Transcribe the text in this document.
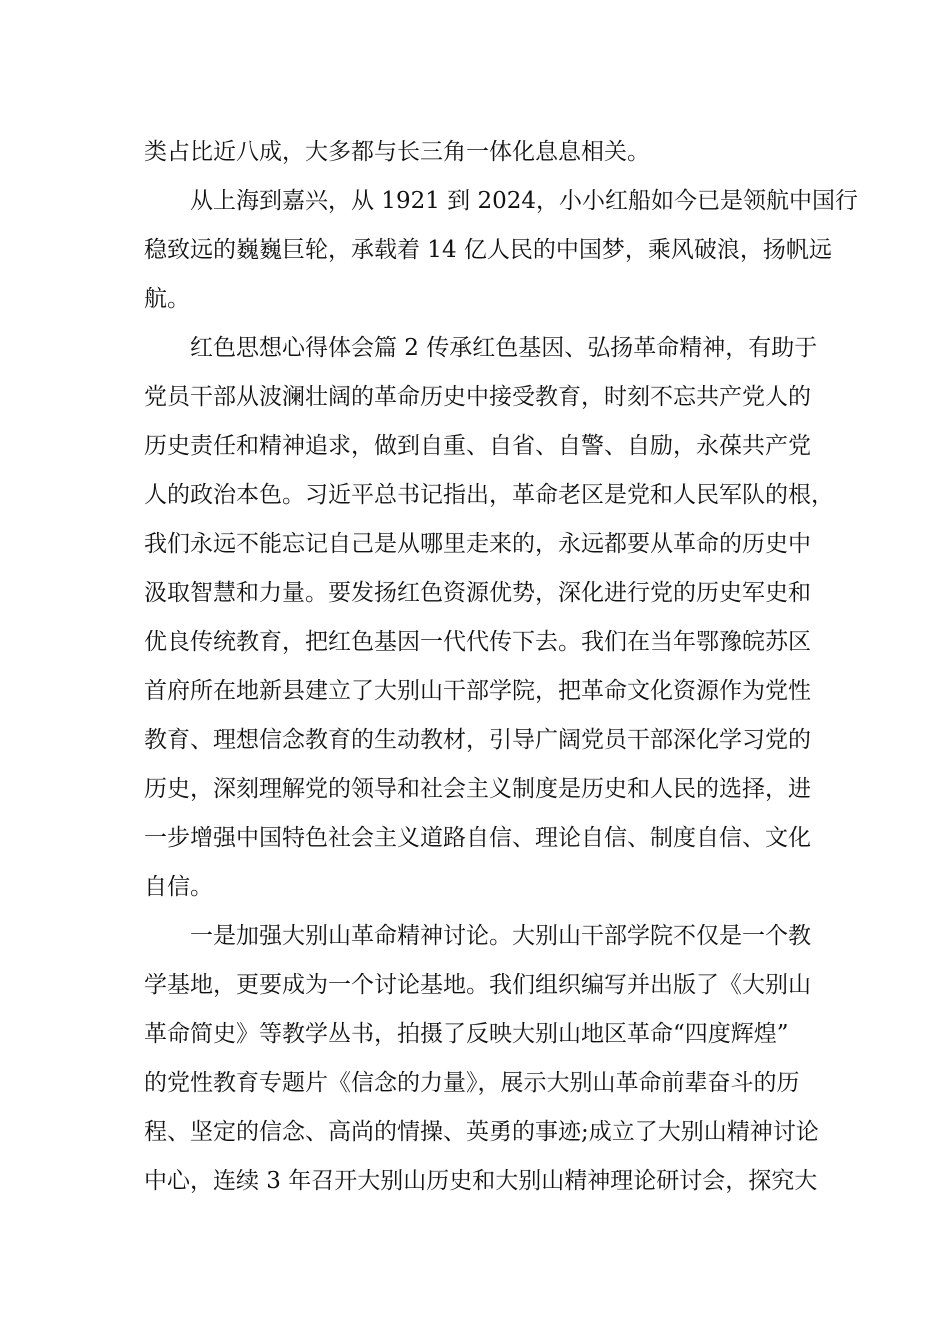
类占比近八成，大多都与长三角一体化息息相关。
　　从上海到嘉兴，从 1921 到 2024，小小红船如今已是领航中国行
稳致远的巍巍巨轮，承载着 14 亿人民的中国梦，乘风破浪，扬帆远
航。
　　红色思想心得体会篇 2 传承红色基因、弘扬革命精神，有助于
党员干部从波澜壮阔的革命历史中接受教育，时刻不忘共产党人的
历史责任和精神追求，做到自重、自省、自警、自励，永葆共产党
人的政治本色。习近平总书记指出，革命老区是党和人民军队的根，
我们永远不能忘记自己是从哪里走来的，永远都要从革命的历史中
汲取智慧和力量。要发扬红色资源优势，深化进行党的历史军史和
优良传统教育，把红色基因一代代传下去。我们在当年鄂豫皖苏区
首府所在地新县建立了大别山干部学院，把革命文化资源作为党性
教育、理想信念教育的生动教材，引导广阔党员干部深化学习党的
历史，深刻理解党的领导和社会主义制度是历史和人民的选择，进
一步增强中国特色社会主义道路自信、理论自信、制度自信、文化
自信。
　　一是加强大别山革命精神讨论。大别山干部学院不仅是一个教
学基地，更要成为一个讨论基地。我们组织编写并出版了《大别山
革命简史》等教学丛书，拍摄了反映大别山地区革命“四度辉煌”
的党性教育专题片《信念的力量》，展示大别山革命前辈奋斗的历
程、坚定的信念、高尚的情操、英勇的事迹;成立了大别山精神讨论
中心，连续 3 年召开大别山历史和大别山精神理论研讨会，探究大
